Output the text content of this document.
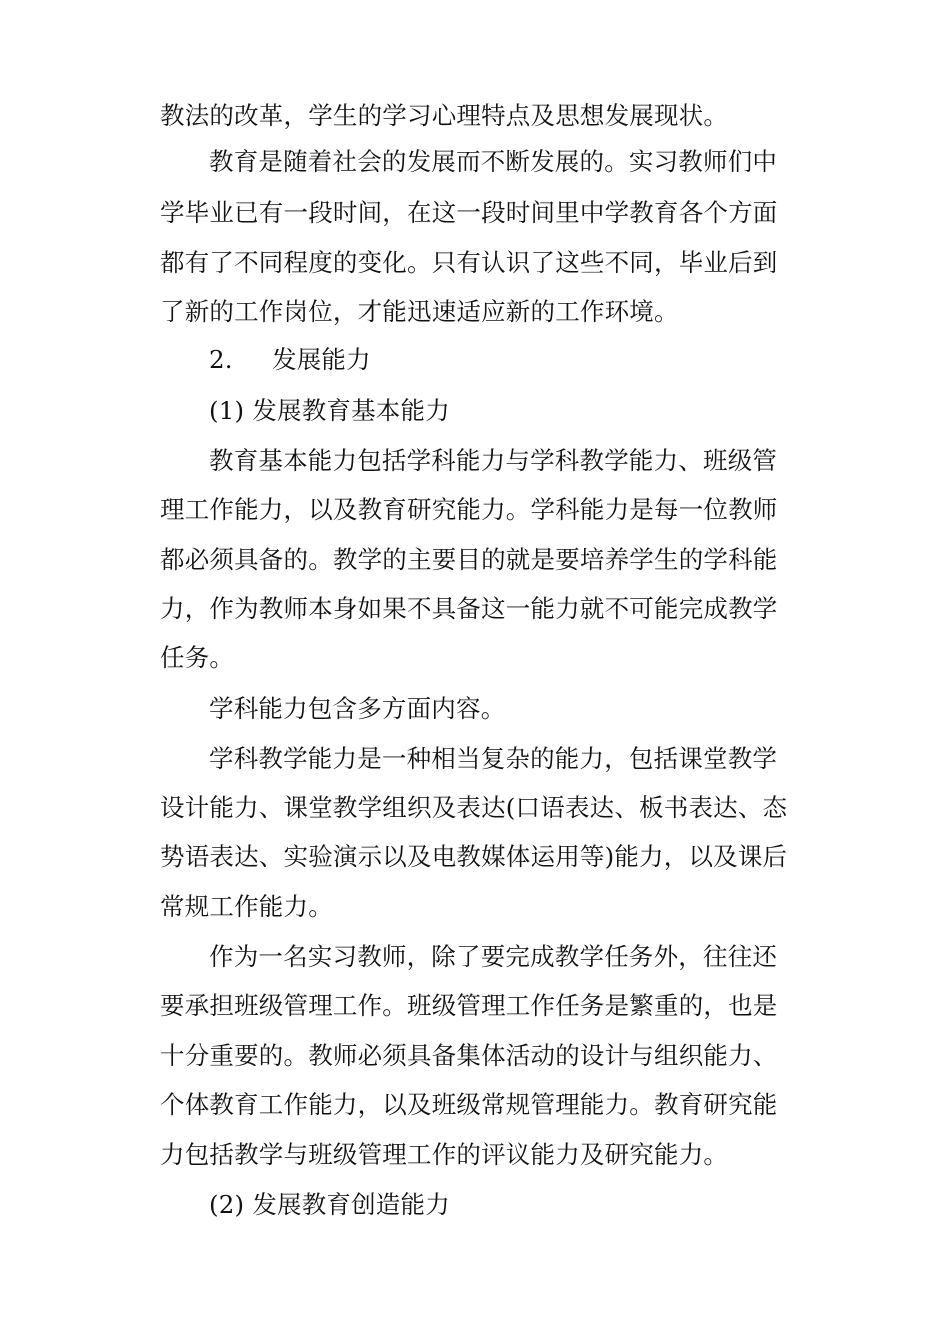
教法的改革，学生的学习心理特点及思想发展现状。
教育是随着社会的发展而不断发展的。实习教师们中
学毕业已有一段时间，在这一段时间里中学教育各个方面
都有了不同程度的变化。只有认识了这些不同，毕业后到
了新的工作岗位，才能迅速适应新的工作环境。
2. 发展能力
(1) 发展教育基本能力
教育基本能力包括学科能力与学科教学能力、班级管
理工作能力，以及教育研究能力。学科能力是每一位教师
都必须具备的。教学的主要目的就是要培养学生的学科能
力，作为教师本身如果不具备这一能力就不可能完成教学
任务。
学科能力包含多方面内容。
学科教学能力是一种相当复杂的能力，包括课堂教学
设计能力、课堂教学组织及表达(口语表达、板书表达、态
势语表达、实验演示以及电教媒体运用等)能力，以及课后
常规工作能力。
作为一名实习教师，除了要完成教学任务外，往往还
要承担班级管理工作。班级管理工作任务是繁重的，也是
十分重要的。教师必须具备集体活动的设计与组织能力、
个体教育工作能力，以及班级常规管理能力。教育研究能
力包括教学与班级管理工作的评议能力及研究能力。
(2) 发展教育创造能力
